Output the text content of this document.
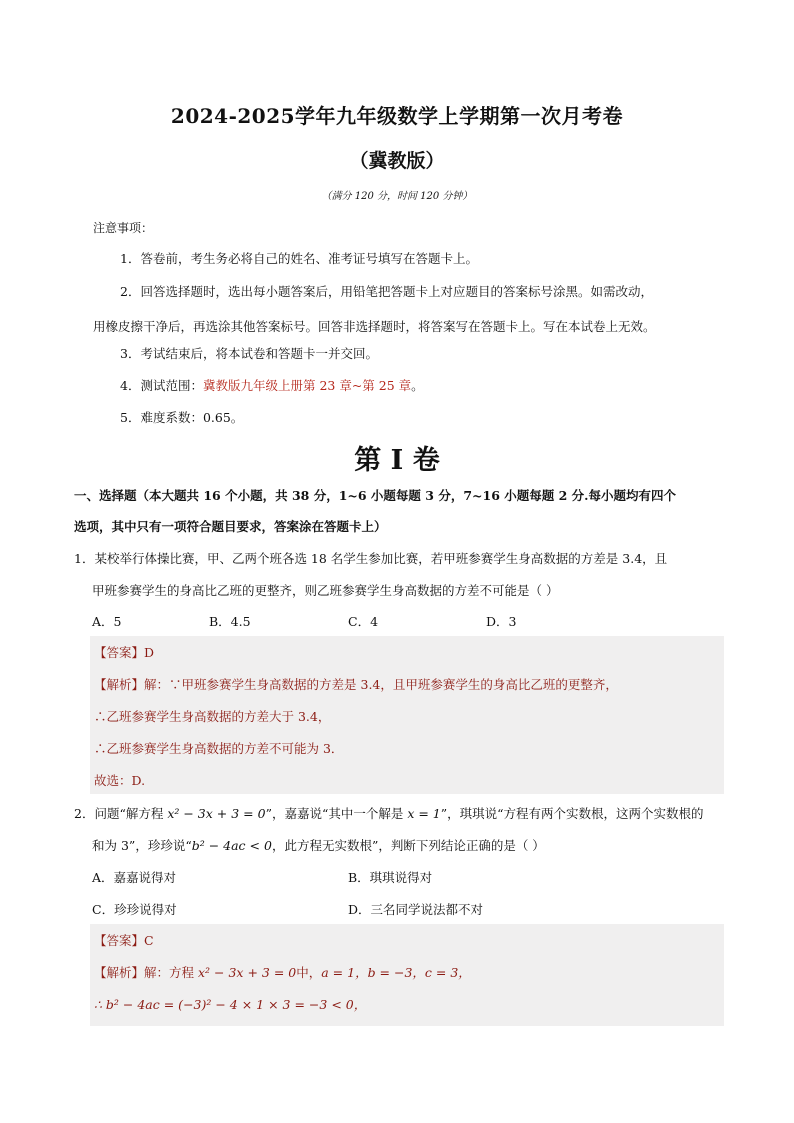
2024-2025学年九年级数学上学期第一次月考卷
（冀教版）
（满分 120 分，时间 120 分钟）
注意事项：
1．答卷前，考生务必将自己的姓名、准考证号填写在答题卡上。
2．回答选择题时，选出每小题答案后，用铅笔把答题卡上对应题目的答案标号涂黑。如需改动，
用橡皮擦干净后，再选涂其他答案标号。回答非选择题时，将答案写在答题卡上。写在本试卷上无效。
3．考试结束后，将本试卷和答题卡一并交回。
4．测试范围：冀教版九年级上册第 23 章~第 25 章。
5．难度系数：0.65。
第 I 卷
一、选择题（本大题共 16 个小题，共 38 分，1~6 小题每题 3 分，7~16 小题每题 2 分.每小题均有四个
选项，其中只有一项符合题目要求，答案涂在答题卡上）
1．某校举行体操比赛，甲、乙两个班各选 18 名学生参加比赛，若甲班参赛学生身高数据的方差是 3.4，且
甲班参赛学生的身高比乙班的更整齐，则乙班参赛学生身高数据的方差不可能是（ ）
A．5	B．4.5	C．4	D．3
【答案】D
【解析】解：∵甲班参赛学生身高数据的方差是 3.4，且甲班参赛学生的身高比乙班的更整齐，
∴乙班参赛学生身高数据的方差大于 3.4，
∴乙班参赛学生身高数据的方差不可能为 3．
故选：D.
2．问题“解方程 x² − 3x + 3 = 0”，嘉嘉说“其中一个解是 x = 1”，琪琪说“方程有两个实数根，这两个实数根的
和为 3”，珍珍说“b² − 4ac < 0，此方程无实数根”，判断下列结论正确的是（ ）
A．嘉嘉说得对	B．琪琪说得对
C．珍珍说得对	D．三名同学说法都不对
【答案】C
【解析】解：方程 x² − 3x + 3 = 0中，a = 1，b = −3，c = 3，
∴ b² − 4ac = (−3)² − 4 × 1 × 3 = −3 < 0，
